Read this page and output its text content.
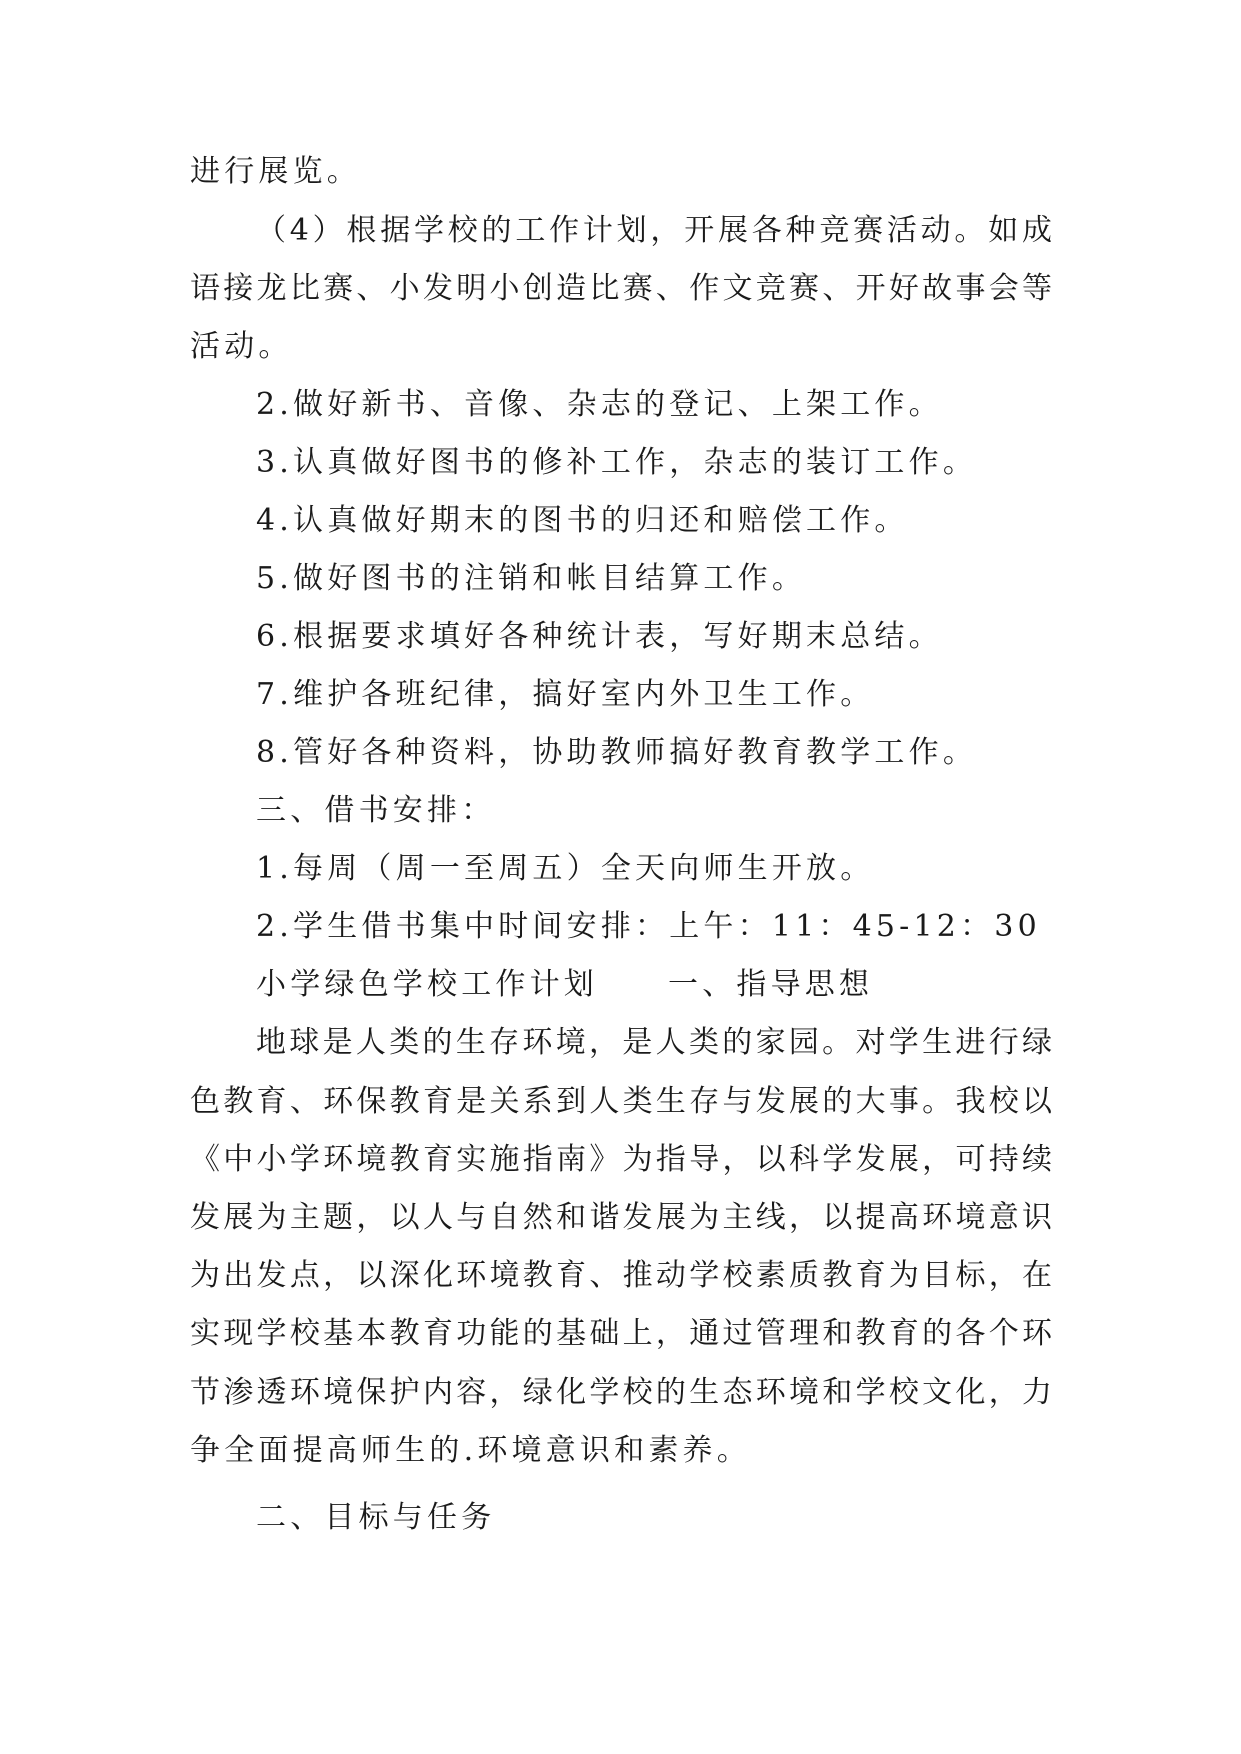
进行展览。
（4）根据学校的工作计划，开展各种竞赛活动。如成
语接龙比赛、小发明小创造比赛、作文竞赛、开好故事会等
活动。
2.做好新书、音像、杂志的登记、上架工作。
3.认真做好图书的修补工作，杂志的装订工作。
4.认真做好期末的图书的归还和赔偿工作。
5.做好图书的注销和帐目结算工作。
6.根据要求填好各种统计表，写好期末总结。
7.维护各班纪律，搞好室内外卫生工作。
8.管好各种资料，协助教师搞好教育教学工作。
三、借书安排：
1.每周（周一至周五）全天向师生开放。
2.学生借书集中时间安排：上午：11：45-12：30
小学绿色学校工作计划 一、指导思想
地球是人类的生存环境，是人类的家园。对学生进行绿
色教育、环保教育是关系到人类生存与发展的大事。我校以
《中小学环境教育实施指南》为指导，以科学发展，可持续
发展为主题，以人与自然和谐发展为主线，以提高环境意识
为出发点，以深化环境教育、推动学校素质教育为目标，在
实现学校基本教育功能的基础上，通过管理和教育的各个环
节渗透环境保护内容，绿化学校的生态环境和学校文化，力
争全面提高师生的.环境意识和素养。
二、目标与任务
